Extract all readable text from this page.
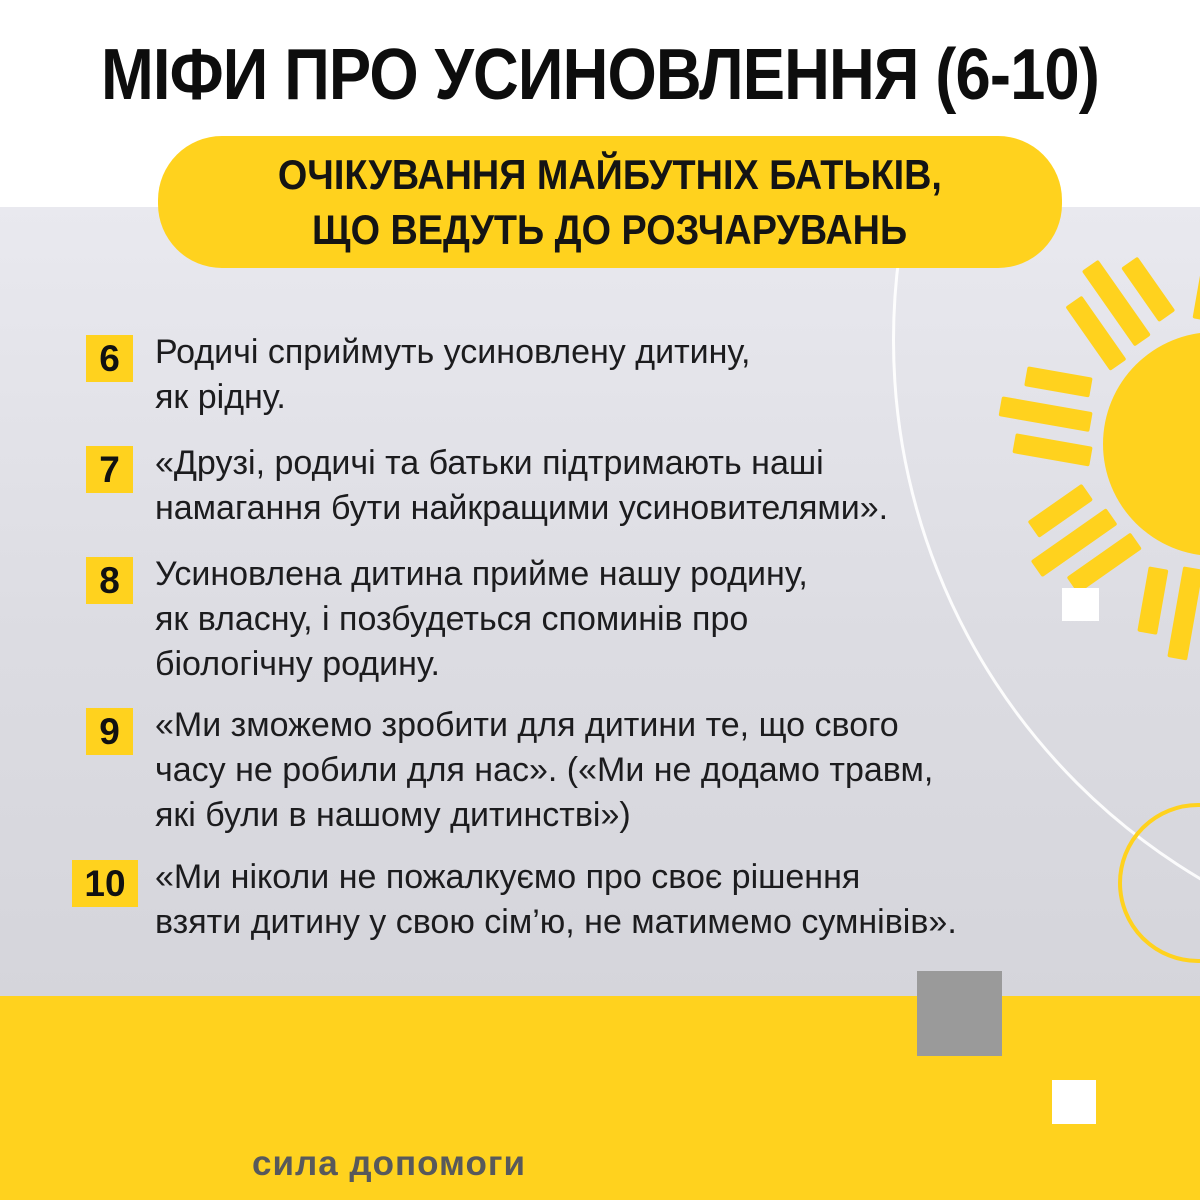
МІФИ ПРО УСИНОВЛЕННЯ (6-10)
ОЧІКУВАННЯ МАЙБУТНІХ БАТЬКІВ,
ЩО ВЕДУТЬ ДО РОЗЧАРУВАНЬ
6	Родичі сприймуть усиновлену дитину,
як рідну.
7	«Друзі, родичі та батьки підтримають наші
намагання бути найкращими усиновителями».
8	Усиновлена дитина прийме нашу родину,
як власну, і позбудеться споминів про
біологічну родину.
9	«Ми зможемо зробити для дитини те, що свого
часу не робили для нас». («Ми не додамо травм,
які були в нашому дитинстві»)
10 «Ми ніколи не пожалкуємо про своє рішення
взяти дитину у свою сім’ю, не матимемо сумнівів».
сила допомоги
